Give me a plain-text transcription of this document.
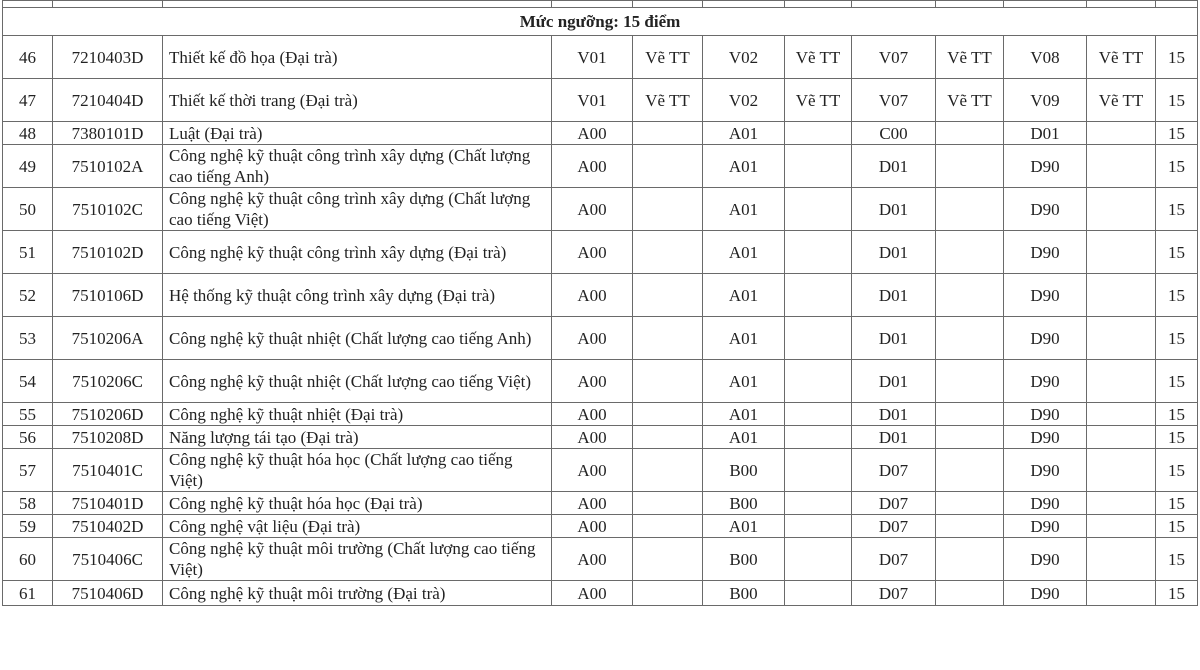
Mức ngưỡng: 15 điểm											
46	7210403D	Thiết kế đồ họa (Đại trà)	V01	Vẽ TT	V02	Vẽ TT	V07	Vẽ TT	V08	Vẽ TT	15
47	7210404D	Thiết kế thời trang (Đại trà)	V01	Vẽ TT	V02	Vẽ TT	V07	Vẽ TT	V09	Vẽ TT	15
48	7380101D	Luật (Đại trà)	A00		A01		C00		D01		15
49	7510102A	Công nghệ kỹ thuật công trình xây dựng (Chất lượng cao tiếng Anh)	A00		A01		D01		D90		15
50	7510102C	Công nghệ kỹ thuật công trình xây dựng (Chất lượng cao tiếng Việt)	A00		A01		D01		D90		15
51	7510102D	Công nghệ kỹ thuật công trình xây dựng (Đại trà)	A00		A01		D01		D90		15
52	7510106D	Hệ thống kỹ thuật công trình xây dựng (Đại trà)	A00		A01		D01		D90		15
53	7510206A	Công nghệ kỹ thuật nhiệt (Chất lượng cao tiếng Anh)	A00		A01		D01		D90		15
54	7510206C	Công nghệ kỹ thuật nhiệt (Chất lượng cao tiếng Việt)	A00		A01		D01		D90		15
55	7510206D	Công nghệ kỹ thuật nhiệt (Đại trà)	A00		A01		D01		D90		15
56	7510208D	Năng lượng tái tạo (Đại trà)	A00		A01		D01		D90		15
57	7510401C	Công nghệ kỹ thuật hóa học (Chất lượng cao tiếng Việt)	A00		B00		D07		D90		15
58	7510401D	Công nghệ kỹ thuật hóa học (Đại trà)	A00		B00		D07		D90		15
59	7510402D	Công nghệ vật liệu (Đại trà)	A00		A01		D07		D90		15
60	7510406C	Công nghệ kỹ thuật môi trường (Chất lượng cao tiếng Việt)	A00		B00		D07		D90		15
61	7510406D	Công nghệ kỹ thuật môi trường (Đại trà)	A00		B00		D07		D90		15
